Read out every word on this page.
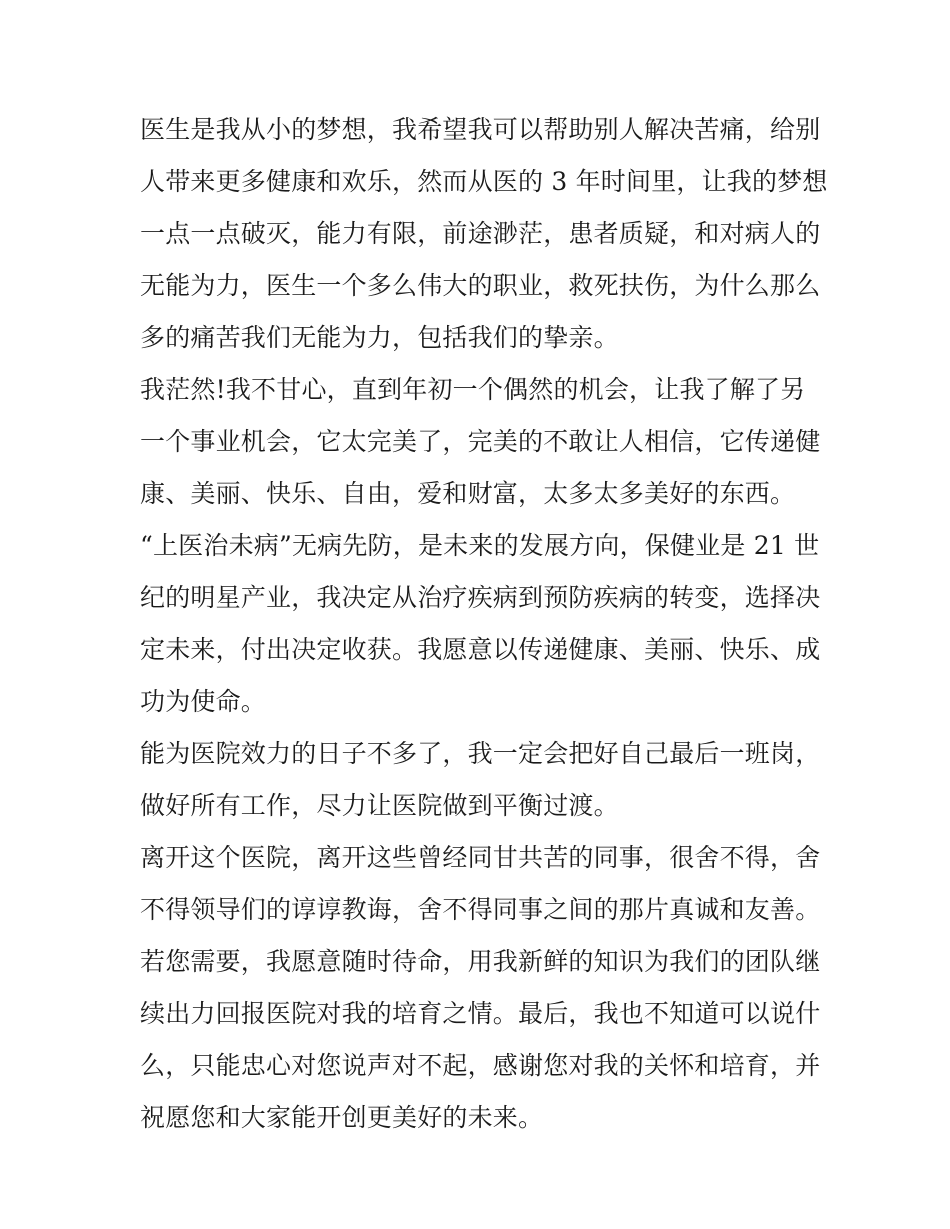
医生是我从小的梦想，我希望我可以帮助别人解决苦痛，给别
人带来更多健康和欢乐，然而从医的 3 年时间里，让我的梦想
一点一点破灭，能力有限，前途渺茫，患者质疑，和对病人的
无能为力，医生一个多么伟大的职业，救死扶伤，为什么那么
多的痛苦我们无能为力，包括我们的挚亲。
我茫然!我不甘心，直到年初一个偶然的机会，让我了解了另
一个事业机会，它太完美了，完美的不敢让人相信，它传递健
康、美丽、快乐、自由，爱和财富，太多太多美好的东西。
“上医治未病”无病先防，是未来的发展方向，保健业是 21 世
纪的明星产业，我决定从治疗疾病到预防疾病的转变，选择决
定未来，付出决定收获。我愿意以传递健康、美丽、快乐、成
功为使命。
能为医院效力的日子不多了，我一定会把好自己最后一班岗，
做好所有工作，尽力让医院做到平衡过渡。
离开这个医院，离开这些曾经同甘共苦的同事，很舍不得，舍
不得领导们的谆谆教诲，舍不得同事之间的那片真诚和友善。
若您需要，我愿意随时待命，用我新鲜的知识为我们的团队继
续出力回报医院对我的培育之情。最后，我也不知道可以说什
么，只能忠心对您说声对不起，感谢您对我的关怀和培育，并
祝愿您和大家能开创更美好的未来。
